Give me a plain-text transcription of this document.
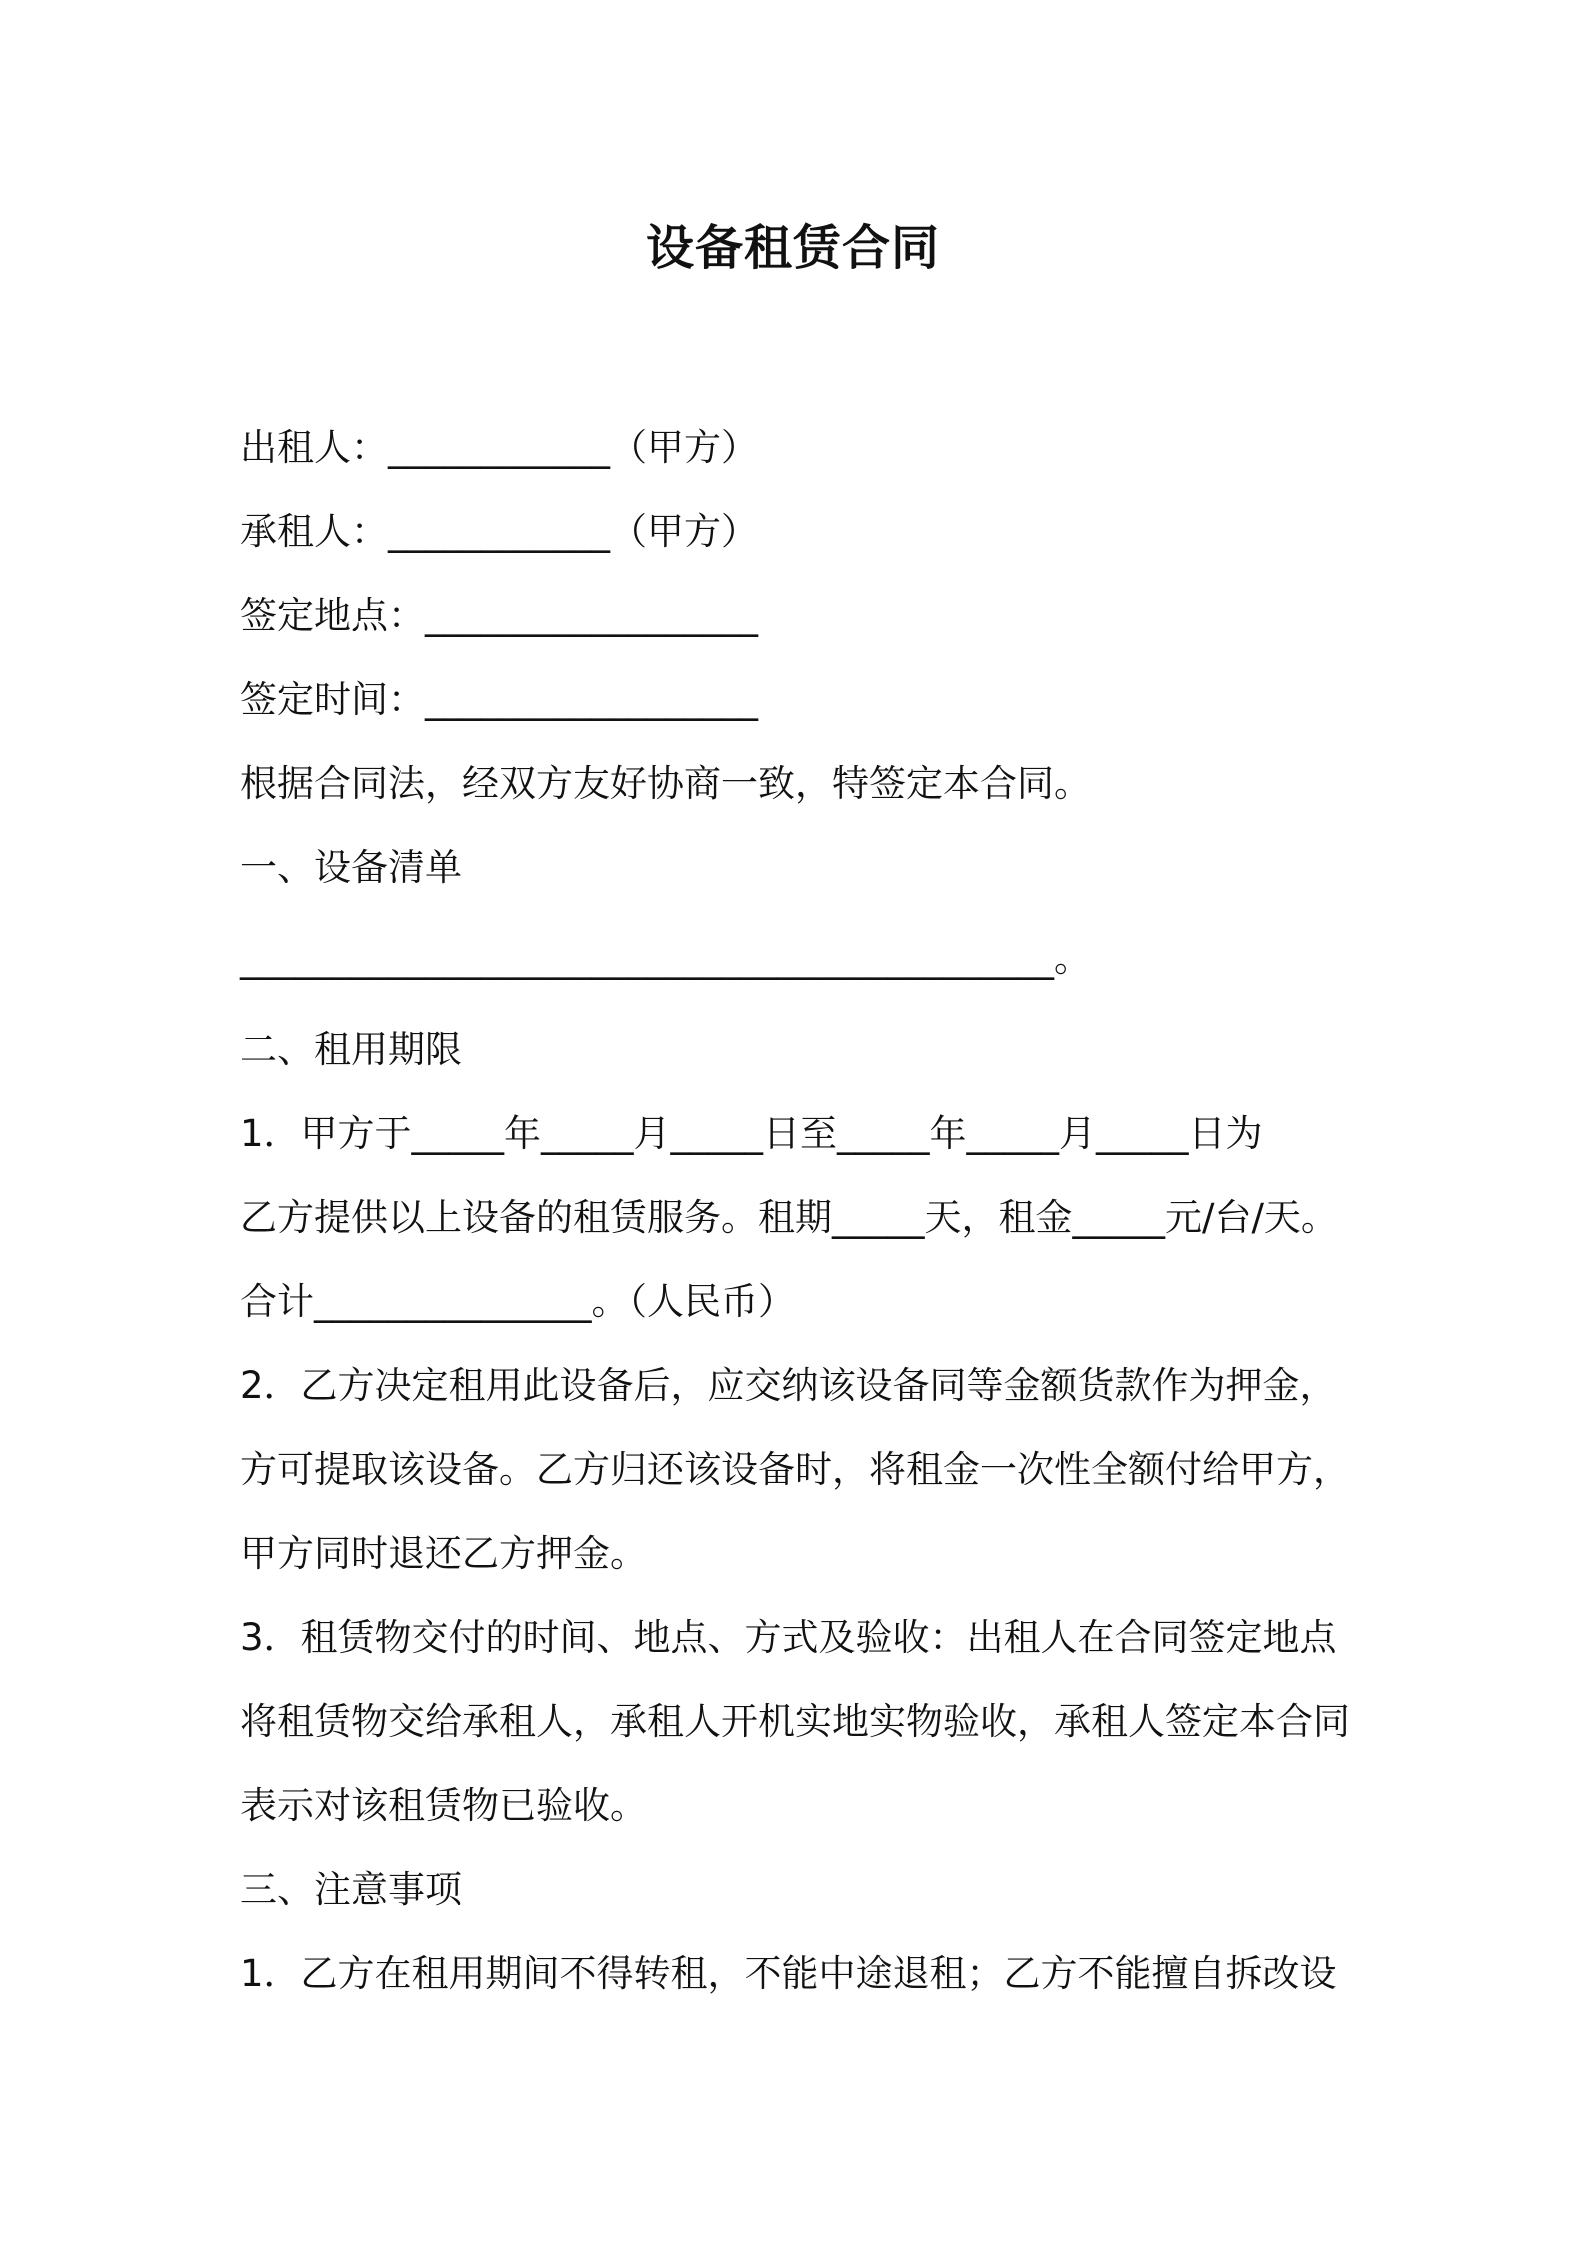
设备租赁合同

出租人：____________（甲方）

承租人：____________（甲方）

签定地点：__________________

签定时间：__________________

根据合同法，经双方友好协商一致，特签定本合同。

一、设备清单

____________________________________________。

二、租用期限

1．甲方于_____年_____月_____日至_____年_____月_____日为

乙方提供以上设备的租赁服务。租期_____天，租金_____元/台/天。

合计_______________。（人民币）

2．乙方决定租用此设备后，应交纳该设备同等金额货款作为押金，

方可提取该设备。乙方归还该设备时，将租金一次性全额付给甲方，

甲方同时退还乙方押金。

3．租赁物交付的时间、地点、方式及验收：出租人在合同签定地点

将租赁物交给承租人，承租人开机实地实物验收，承租人签定本合同

表示对该租赁物已验收。

三、注意事项

1．乙方在租用期间不得转租，不能中途退租；乙方不能擅自拆改设
